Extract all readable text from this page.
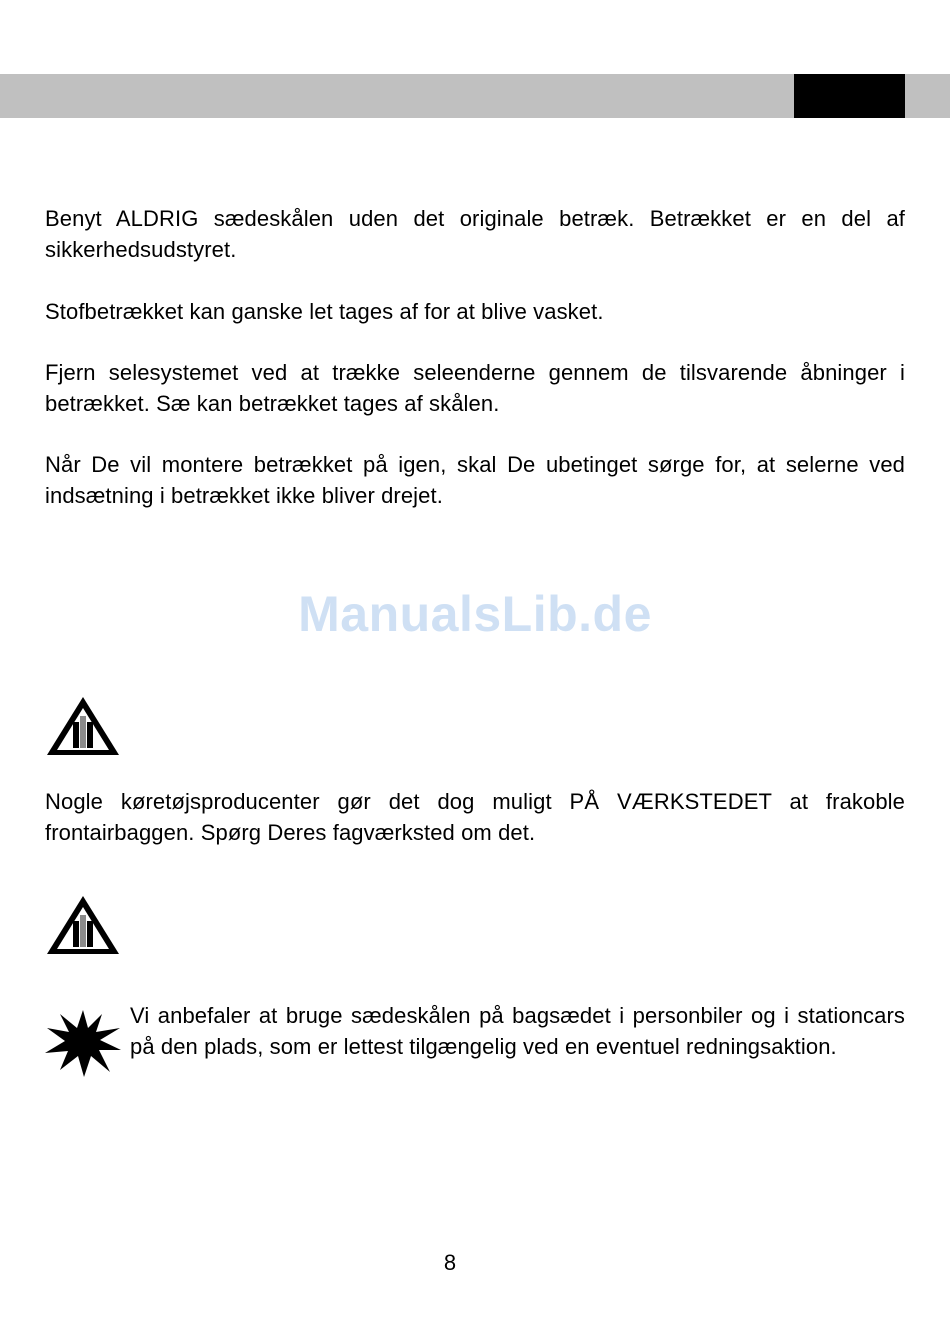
Benyt ALDRIG sædeskålen uden det originale betræk. Betrækket er en del af sikkerhedsudstyret.

Stofbetrækket kan ganske let tages af for at blive vasket.

Fjern selesystemet ved at trække seleenderne gennem de tilsvarende åbninger i betrækket. Sæ kan betrækket tages af skålen.

Når De vil montere betrækket på igen, skal De ubetinget sørge for, at selerne ved indsætning i betrækket ikke bliver drejet.

ManualsLib.de

Nogle køretøjsproducenter gør det dog muligt PÅ VÆRKSTEDET at frakoble frontairbaggen. Spørg Deres fagværksted om det.

Vi anbefaler at bruge sædeskålen på bagsædet i personbiler og i stationcars på den plads, som er lettest tilgængelig ved en eventuel redningsaktion.

8
